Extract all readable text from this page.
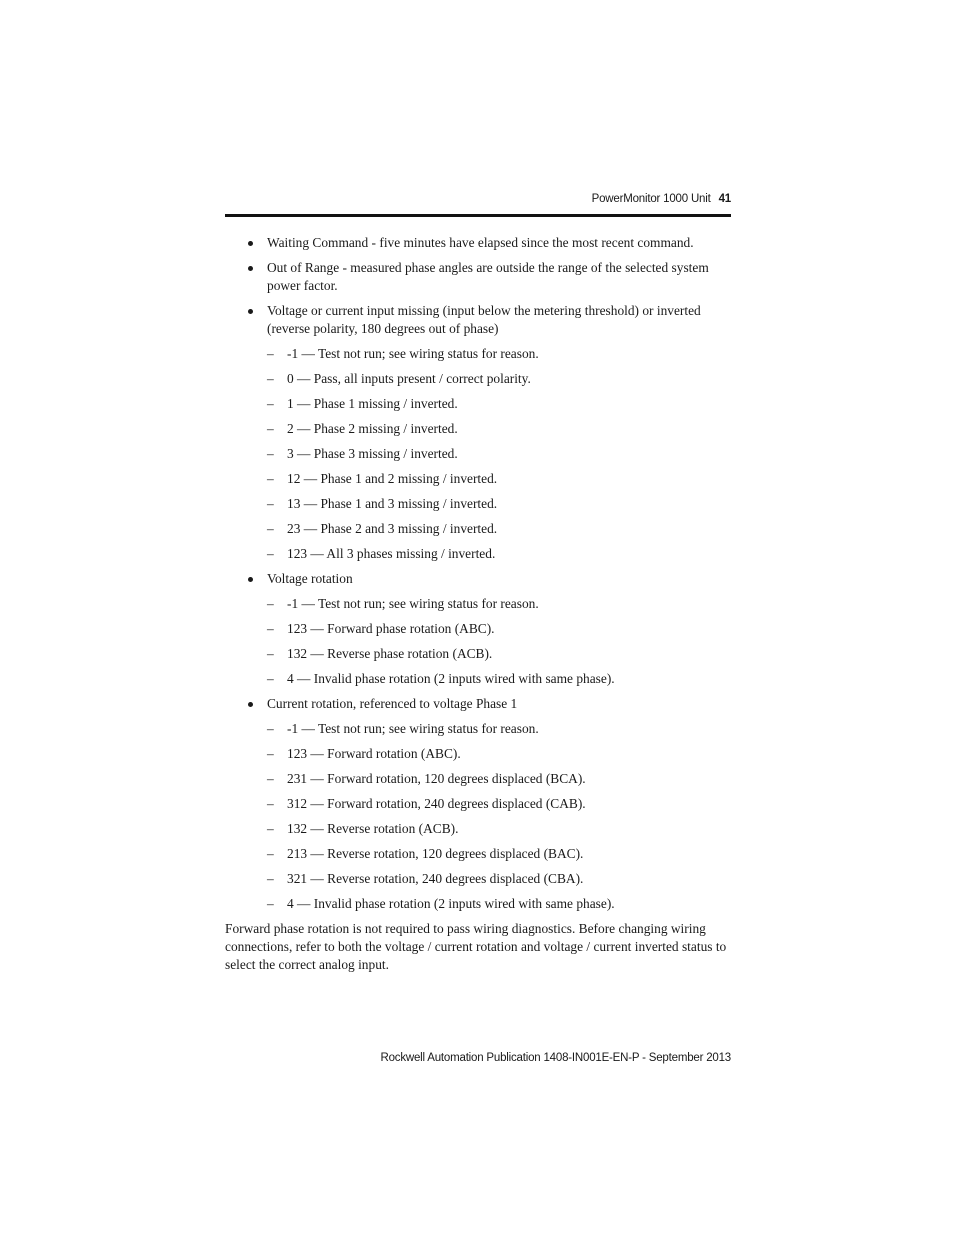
PowerMonitor 1000 Unit 41
Waiting Command - five minutes have elapsed since the most recent command.
Out of Range - measured phase angles are outside the range of the selected system power factor.
Voltage or current input missing (input below the metering threshold) or inverted (reverse polarity, 180 degrees out of phase)
– -1 — Test not run; see wiring status for reason.
– 0 — Pass, all inputs present / correct polarity.
– 1 — Phase 1 missing / inverted.
– 2 — Phase 2 missing / inverted.
– 3 — Phase 3 missing / inverted.
– 12 — Phase 1 and 2 missing / inverted.
– 13 — Phase 1 and 3 missing / inverted.
– 23 — Phase 2 and 3 missing / inverted.
– 123 — All 3 phases missing / inverted.
Voltage rotation
– -1 — Test not run; see wiring status for reason.
– 123 — Forward phase rotation (ABC).
– 132 — Reverse phase rotation (ACB).
– 4 — Invalid phase rotation (2 inputs wired with same phase).
Current rotation, referenced to voltage Phase 1
– -1 — Test not run; see wiring status for reason.
– 123 — Forward rotation (ABC).
– 231 — Forward rotation, 120 degrees displaced (BCA).
– 312 — Forward rotation, 240 degrees displaced (CAB).
– 132 — Reverse rotation (ACB).
– 213 — Reverse rotation, 120 degrees displaced (BAC).
– 321 — Reverse rotation, 240 degrees displaced (CBA).
– 4 — Invalid phase rotation (2 inputs wired with same phase).

Forward phase rotation is not required to pass wiring diagnostics. Before changing wiring connections, refer to both the voltage / current rotation and voltage / current inverted status to select the correct analog input.

Rockwell Automation Publication 1408-IN001E-EN-P - September 2013
